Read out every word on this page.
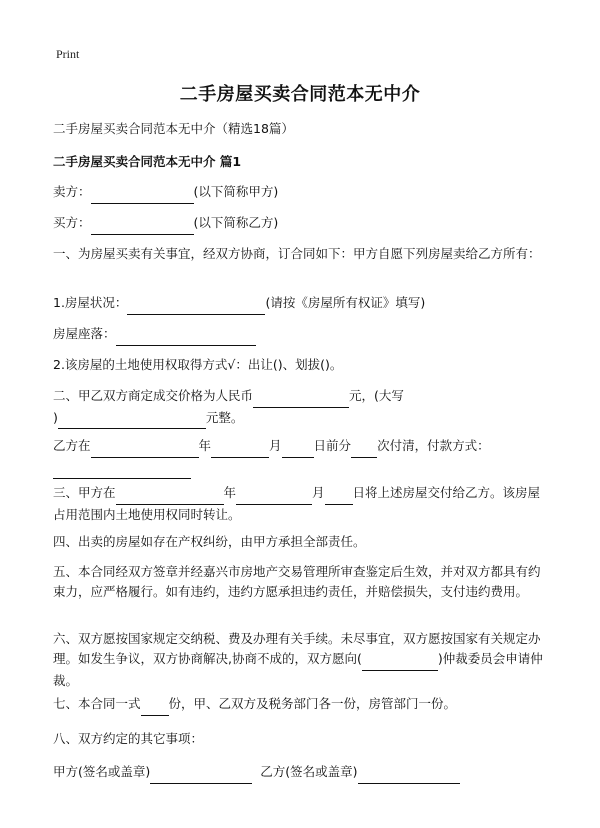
Print
二手房屋买卖合同范本无中介
二手房屋买卖合同范本无中介（精选18篇）
二手房屋买卖合同范本无中介 篇1
卖方：	(以下简称甲方)
买方：	(以下简称乙方)

一、为房屋买卖有关事宜，经双方协商，订合同如下：甲方自愿下列房屋卖给乙方所有：

1.房屋状况：	(请按《房屋所有权证》填写)
房屋座落：
2.该房屋的土地使用权取得方式√：出让()、划拔()。
二、甲乙双方商定成交价格为人民币	元，(大写
)	元整。
乙方在	年	月	日前分 次付清，付款方式：

三、甲方在	年	月 日将上述房屋交付给乙方。该房屋占用范围内土地使用权同时转让。

四、出卖的房屋如存在产权纠纷，由甲方承担全部责任。

五、本合同经双方签章并经嘉兴市房地产交易管理所审查鉴定后生效，并对双方都具有约束力，应严格履行。如有违约，违约方愿承担违约责任，并赔偿损失，支付违约费用。

六、双方愿按国家规定交纳税、费及办理有关手续。未尽事宜，双方愿按国家有关规定办理。如发生争议，双方协商解决,协商不成的，双方愿向(	)仲裁委员会申请仲裁。
七、本合同一式 份，甲、乙双方及税务部门各一份，房管部门一份。
八、双方约定的其它事项：
甲方(签名或盖章)	乙方(签名或盖章)
